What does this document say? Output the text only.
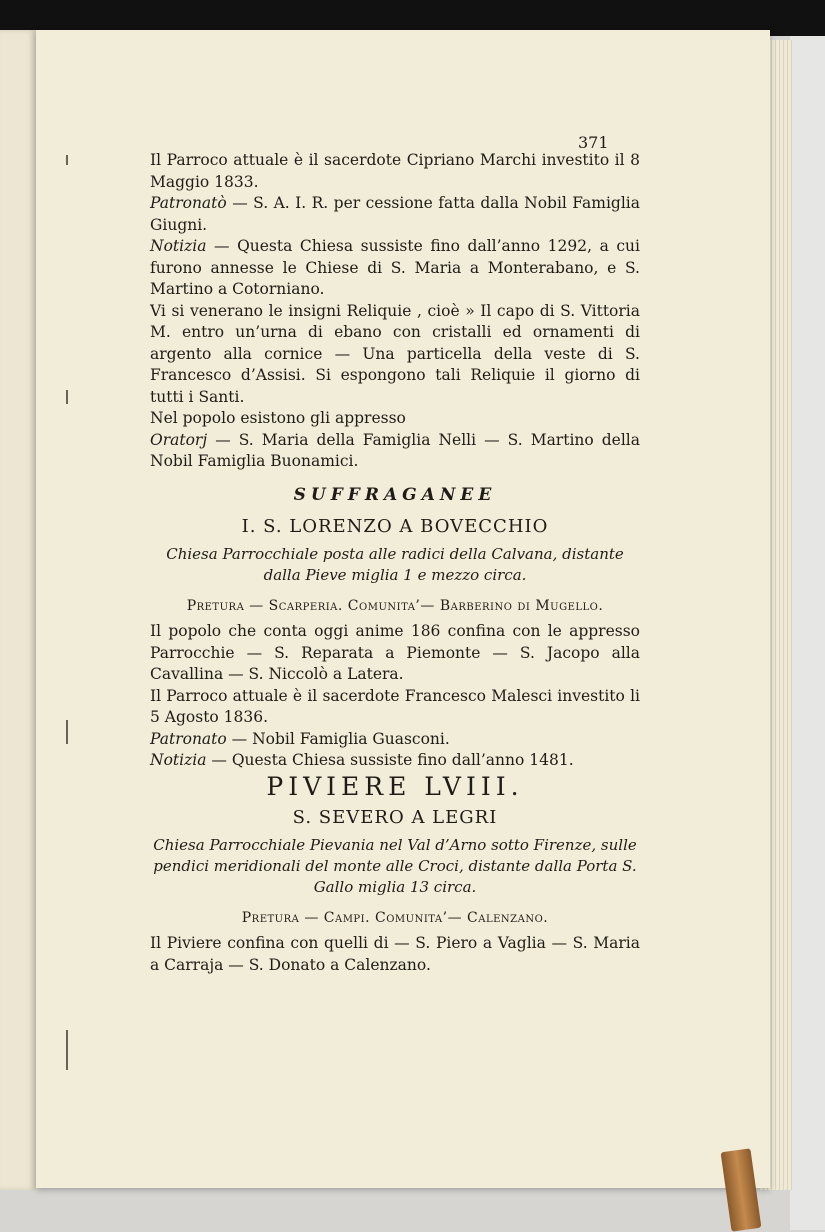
371

Il Parroco attuale è il sacerdote Cipriano Marchi investito il 8 Maggio 1833.

Patronatò — S. A. I. R. per cessione fatta dalla Nobil Famiglia Giugni.

Notizia — Questa Chiesa sussiste fino dall’anno 1292, a cui furono annesse le Chiese di S. Maria a Monterabano, e S. Martino a Cotorniano.

Vi si venerano le insigni Reliquie , cioè » Il capo di S. Vittoria M. entro un’urna di ebano con cristalli ed ornamenti di argento alla cornice — Una particella della veste di S. Francesco d’Assisi. Si espongono tali Reliquie il giorno di tutti i Santi.

Nel popolo esistono gli appresso

Oratorj — S. Maria della Famiglia Nelli — S. Martino della Nobil Famiglia Buonamici.

SUFFRAGANEE
I. S. LORENZO A BOVECCHIO
Chiesa Parrocchiale posta alle radici della Calvana, distante dalla Pieve miglia 1 e mezzo circa.
Pretura — Scarperia. Comunita’— Barberino di Mugello.

Il popolo che conta oggi anime 186 confina con le appresso Parrocchie — S. Reparata a Piemonte — S. Jacopo alla Cavallina — S. Niccolò a Latera.

Il Parroco attuale è il sacerdote Francesco Malesci investito li 5 Agosto 1836.

Patronato — Nobil Famiglia Guasconi.

Notizia — Questa Chiesa sussiste fino dall’anno 1481.

PIVIERE LVIII.
S. SEVERO A LEGRI
Chiesa Parrocchiale Pievania nel Val d’Arno sotto Firenze, sulle pendici meridionali del monte alle Croci, distante dalla Porta S. Gallo miglia 13 circa.
Pretura — Campi. Comunita’— Calenzano.

Il Piviere confina con quelli di — S. Piero a Vaglia — S. Maria a Carraja — S. Donato a Calenzano.
